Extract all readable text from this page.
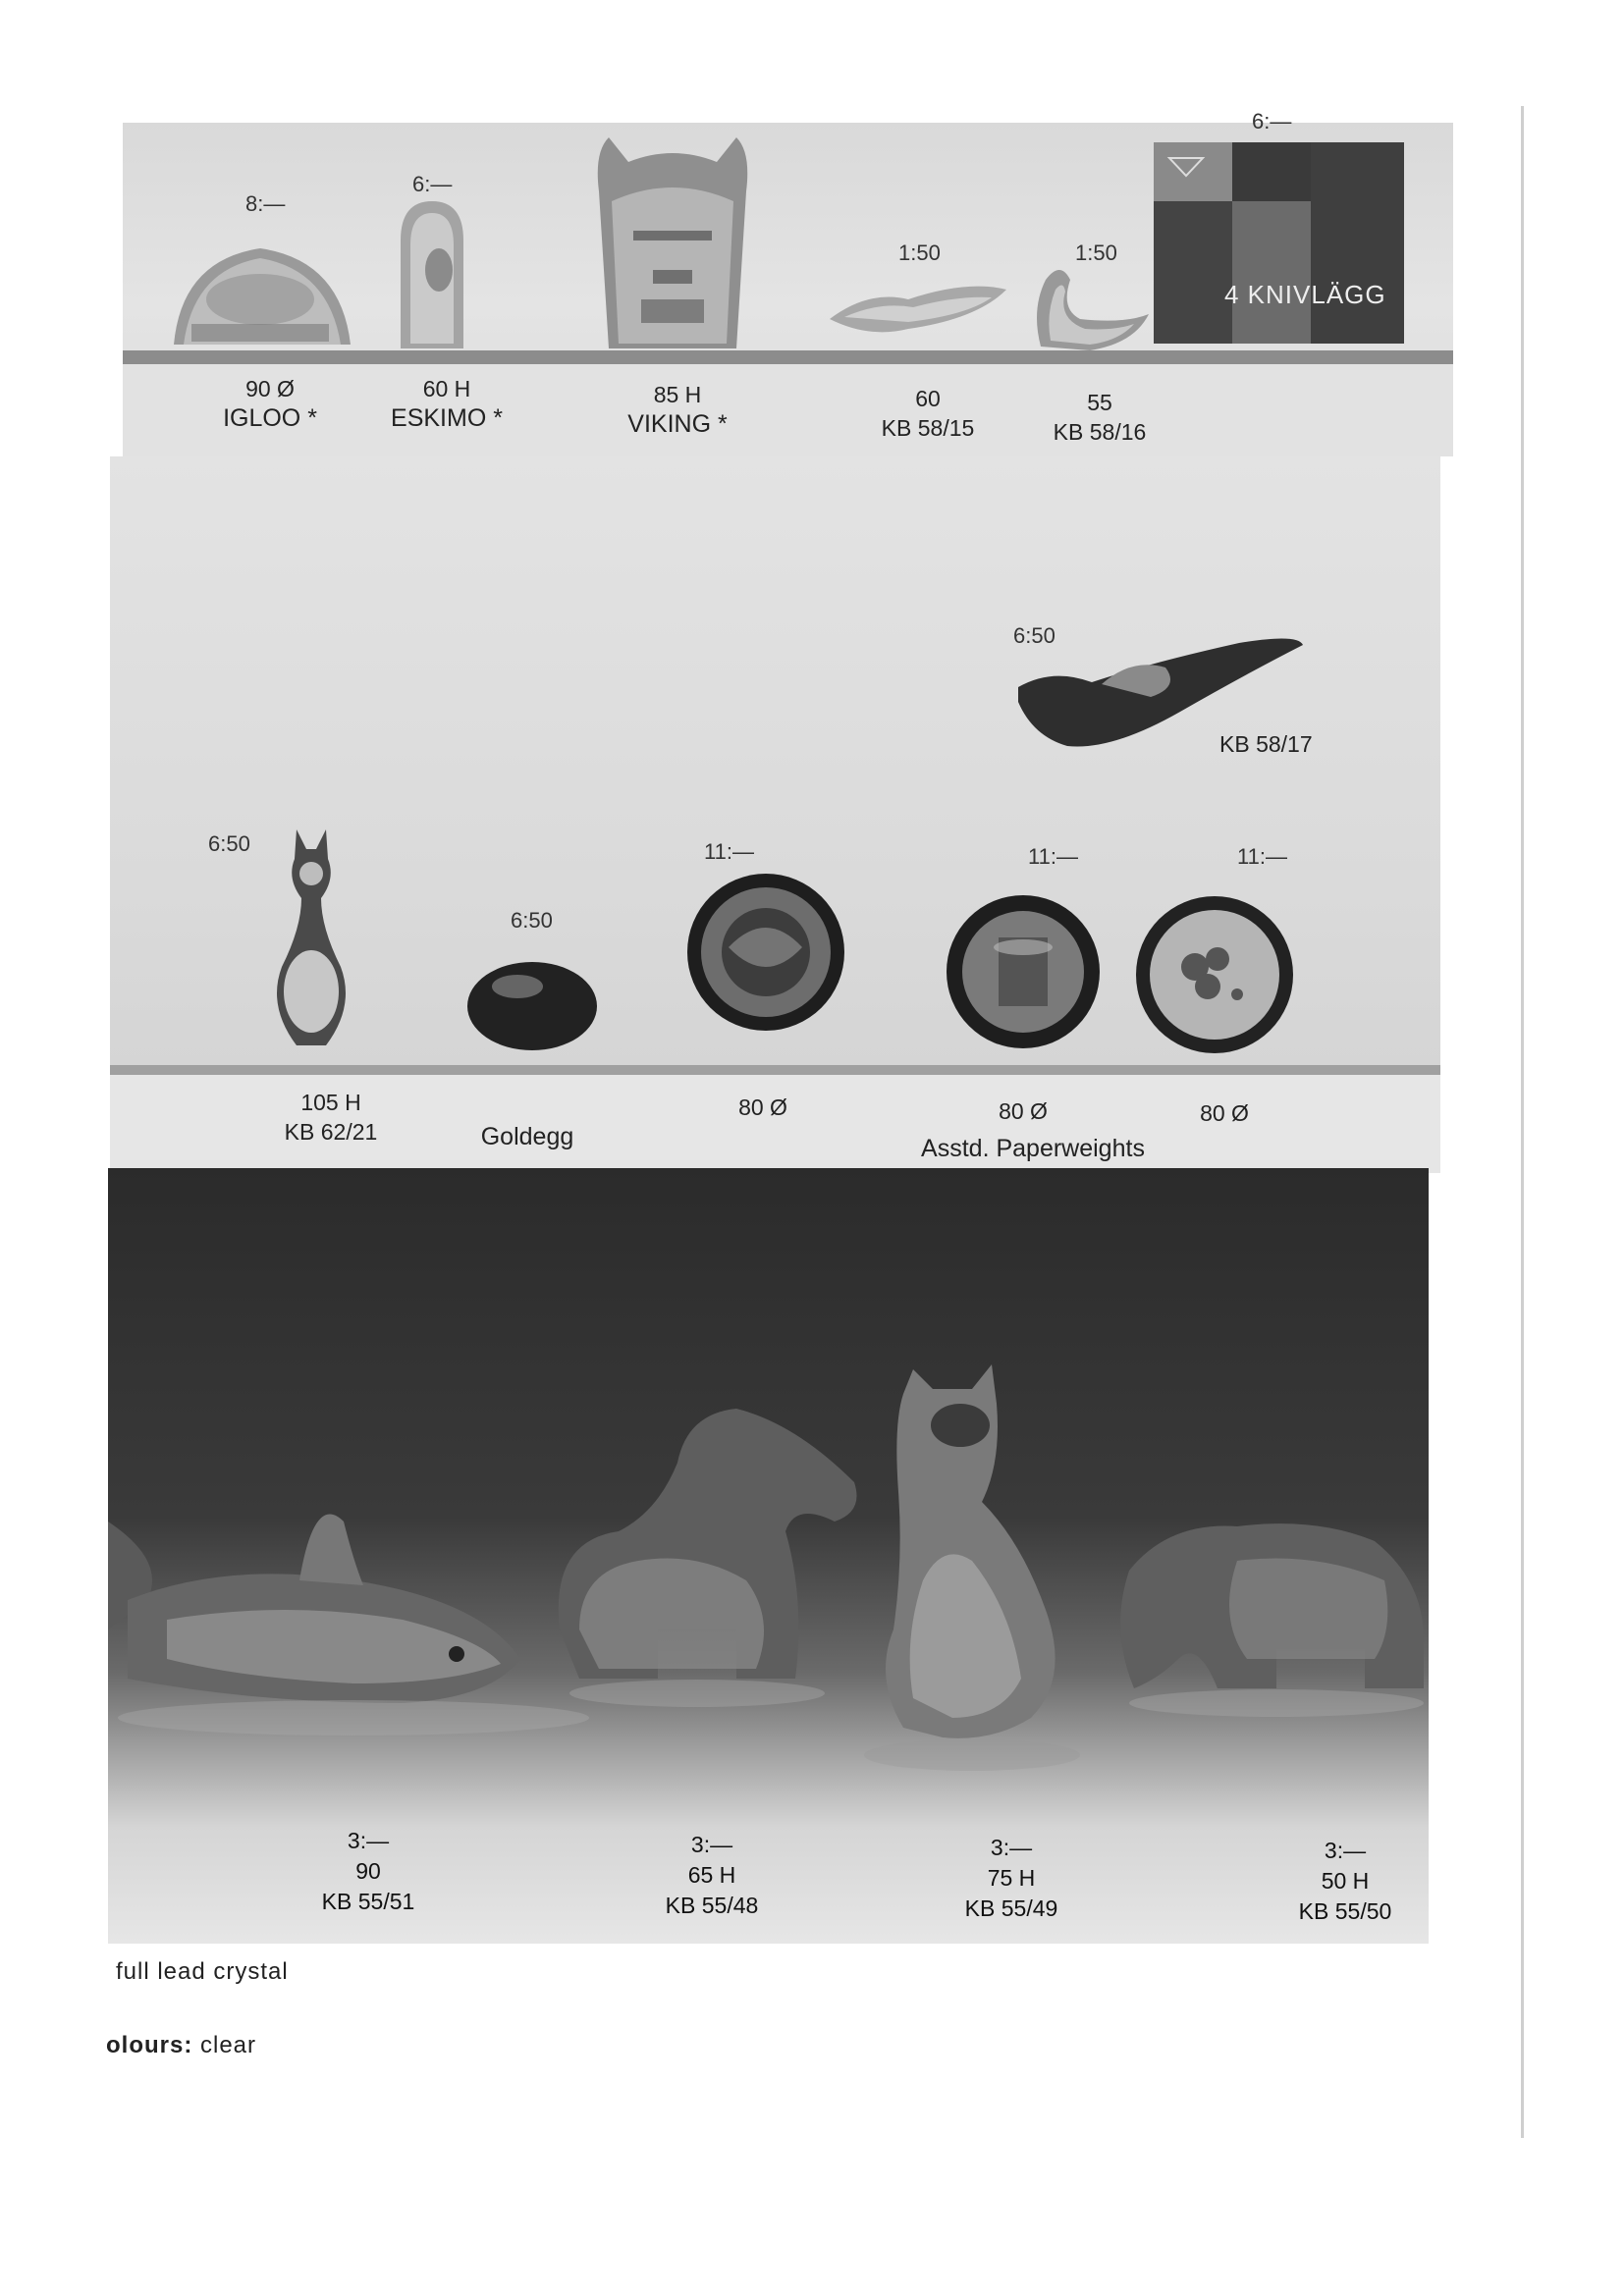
4 KNIVLÄGG
6:—
8:—
6:—
1:50	1:50
90 Ø
IGLOO *
60 H
ESKIMO *
85 H
VIKING *
60
KB 58/15
55
KB 58/16
6:50
KB 58/17
6:50
6:50
11:—	11:—	11:—
105 H
KB 62/21	Goldegg
80 Ø	80 Ø	80 Ø
Asstd. Paperweights
3:—
90
KB 55/51
3:—
65 H
KB 55/48
3:—
75 H
KB 55/49
3:—
50 H
KB 55/50
full lead crystal
olours: clear
